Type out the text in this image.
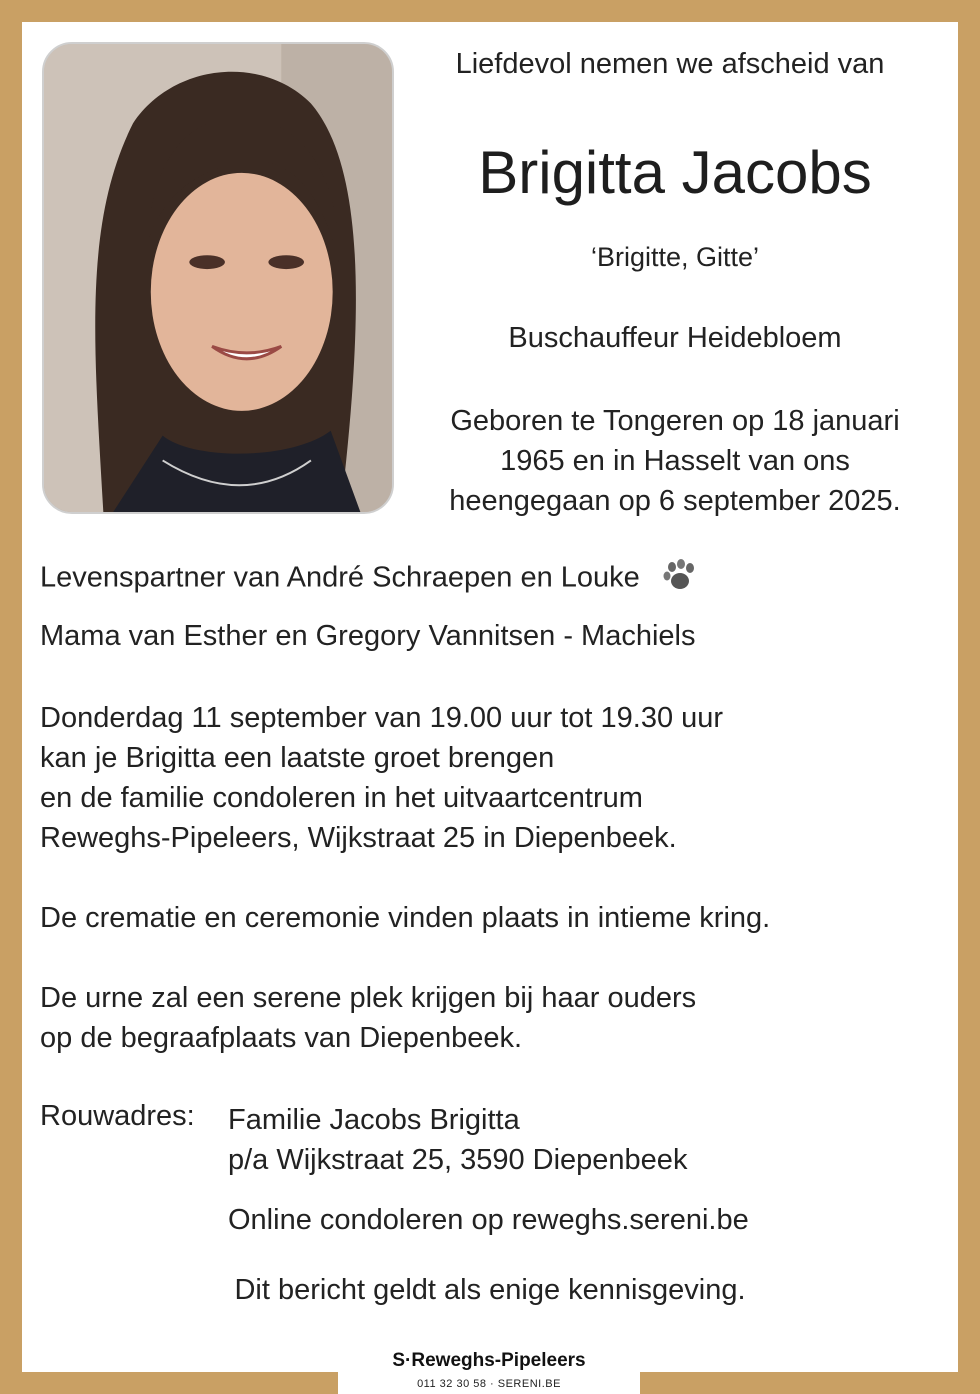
Liefdevol nemen we afscheid van
Brigitta Jacobs
‘Brigitte, Gitte’
Buschauffeur Heidebloem
Geboren te Tongeren op 18 januari
1965 en in Hasselt van ons
heengegaan op 6 september 2025.
Levenspartner van André Schraepen en Louke
Mama van Esther en Gregory Vannitsen - Machiels
Donderdag 11 september van 19.00 uur tot 19.30 uur
kan je Brigitta een laatste groet brengen
en de familie condoleren in het uitvaartcentrum
Reweghs-Pipeleers, Wijkstraat 25 in Diepenbeek.
De crematie en ceremonie vinden plaats in intieme kring.
De urne zal een serene plek krijgen bij haar ouders
op de begraafplaats van Diepenbeek.
Rouwadres: Familie Jacobs Brigitta
p/a Wijkstraat 25, 3590 Diepenbeek
Online condoleren op reweghs.sereni.be
Dit bericht geldt als enige kennisgeving.
S·Reweghs-Pipeleers
011 32 30 58 · SERENI.BE
